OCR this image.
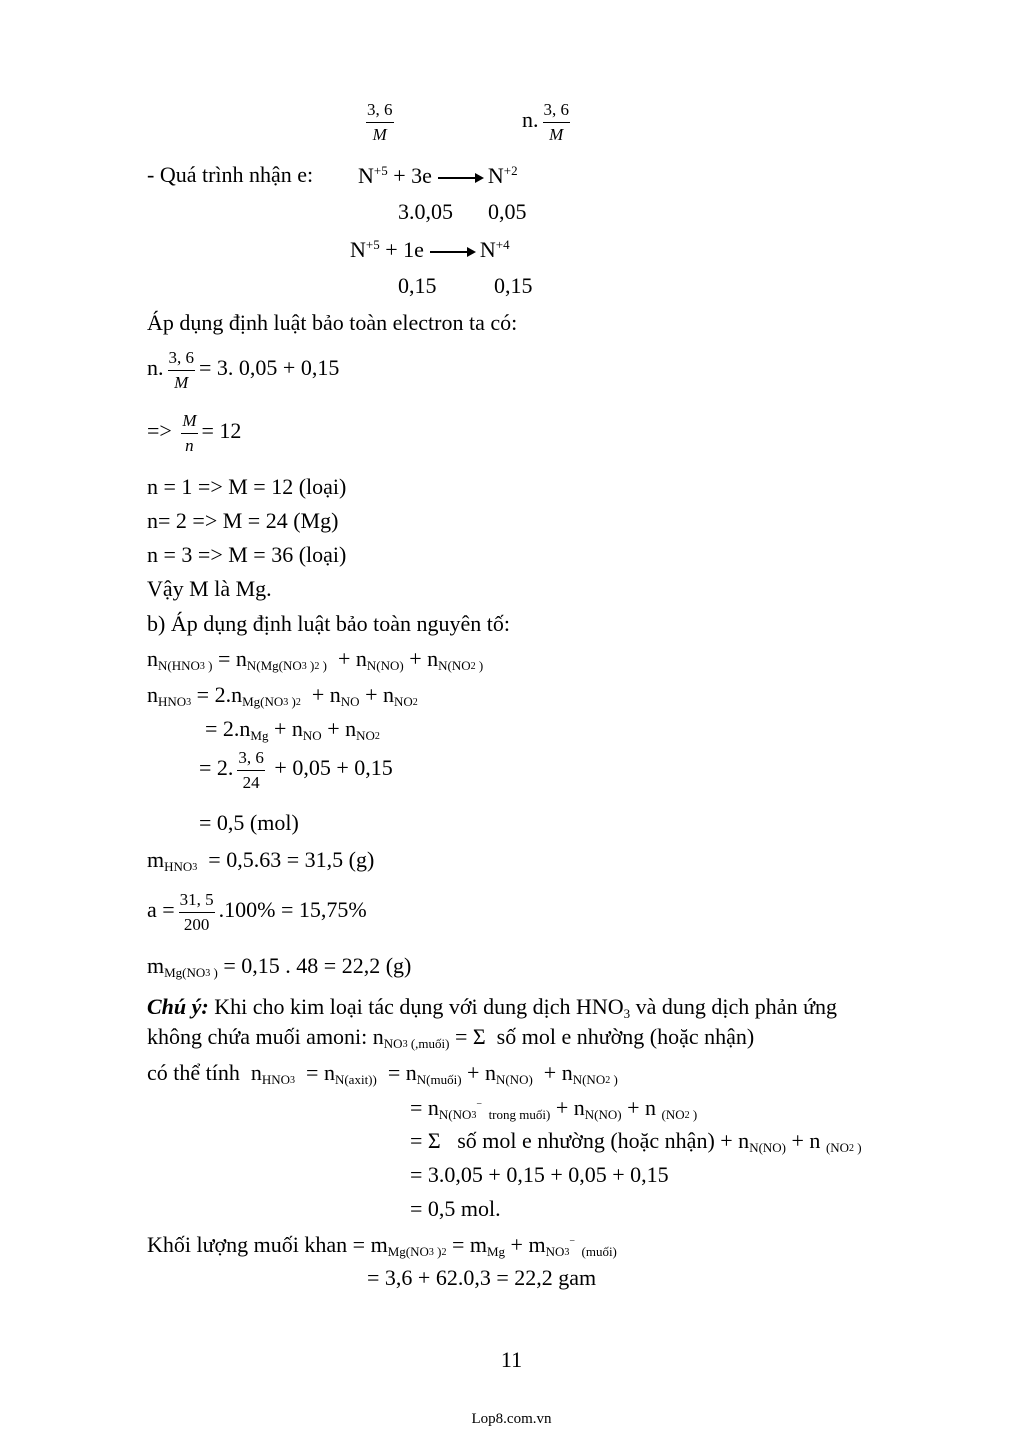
$\frac{3, 6}{M}$	n. $\frac{3, 6}{M}$
- Quá trình nhận e: $N^{+5} + 3e$	$N^{+2}$
3.0,05 0,05
$N^{+5} + 1e$	$N^{+4}$
0,15	0,15
Áp dụng định luật bảo toàn electron ta có:
n. $\frac{3, 6}{M} = 3$. 0,05 + 0,15
=> $\frac{M}{n} = 12$
n = 1 => M = 12 (loại)
n= 2 => M = 24 (Mg)
n = 3 => M = 36 (loại)
Vậy M là Mg.
b) Áp dụng định luật bảo toàn nguyên tố:
$n_{N(HNO3}$ $_) = n_{N(Mg(NO3}$ $_{)2}$ $_) + n_{N(NO)} + n_{N(NO2}$ $_)$
$n_{HNO3} = 2.n_{Mg(NO3}$ $_{)2} + n_{NO} + n_{NO2}$
= $2.n_{Mg} + n_{NO} + n_{NO2}$
= 2. $\frac{3, 6}{24} + 0,05 + 0,15$
= 0,5 (mol)
$m_{HNO3} = 0,5.63 = 31,5$ (g)
$a = \frac{31, 5}{200} .100\% = 15,75\%$
$m_{Mg(NO3}$ $_)$ = 0,15 . 48 = 22,2 (g)
Chú ý: Khi cho kim loại tác dụng với dung dịch $HNO_3$ và dung dịch phản ứng
không chứa muối amoni: $n_{NO3}$ $_{(,muối)}$ = Σ  số mol e nhường (hoặc nhận)
có thể tính  $n_{HNO3} = n_{N(axit))} = n_{N(muối)} + n_{N(NO)} + n_{N(NO2}$ $_)$
= $n_{N(NO3}^-$  $_{trong muối)} + n_{N(NO)} + n$ $_{(NO2}$ $_)$
= Σ   số mol e nhường (hoặc nhận) + $n_{N(NO)} + n$ $_{(NO2}$ $_)$
= 3.0,05 + 0,15 + 0,05 + 0,15
= 0,5 mol.
Khối lượng muối khan = $m_{Mg(NO3}$ $_{)2} = m_{Mg} + m_{NO3}^-$  $_{(muối)}$
= 3,6 + 62.0,3 = 22,2 gam
11
Lop8.com.vn
